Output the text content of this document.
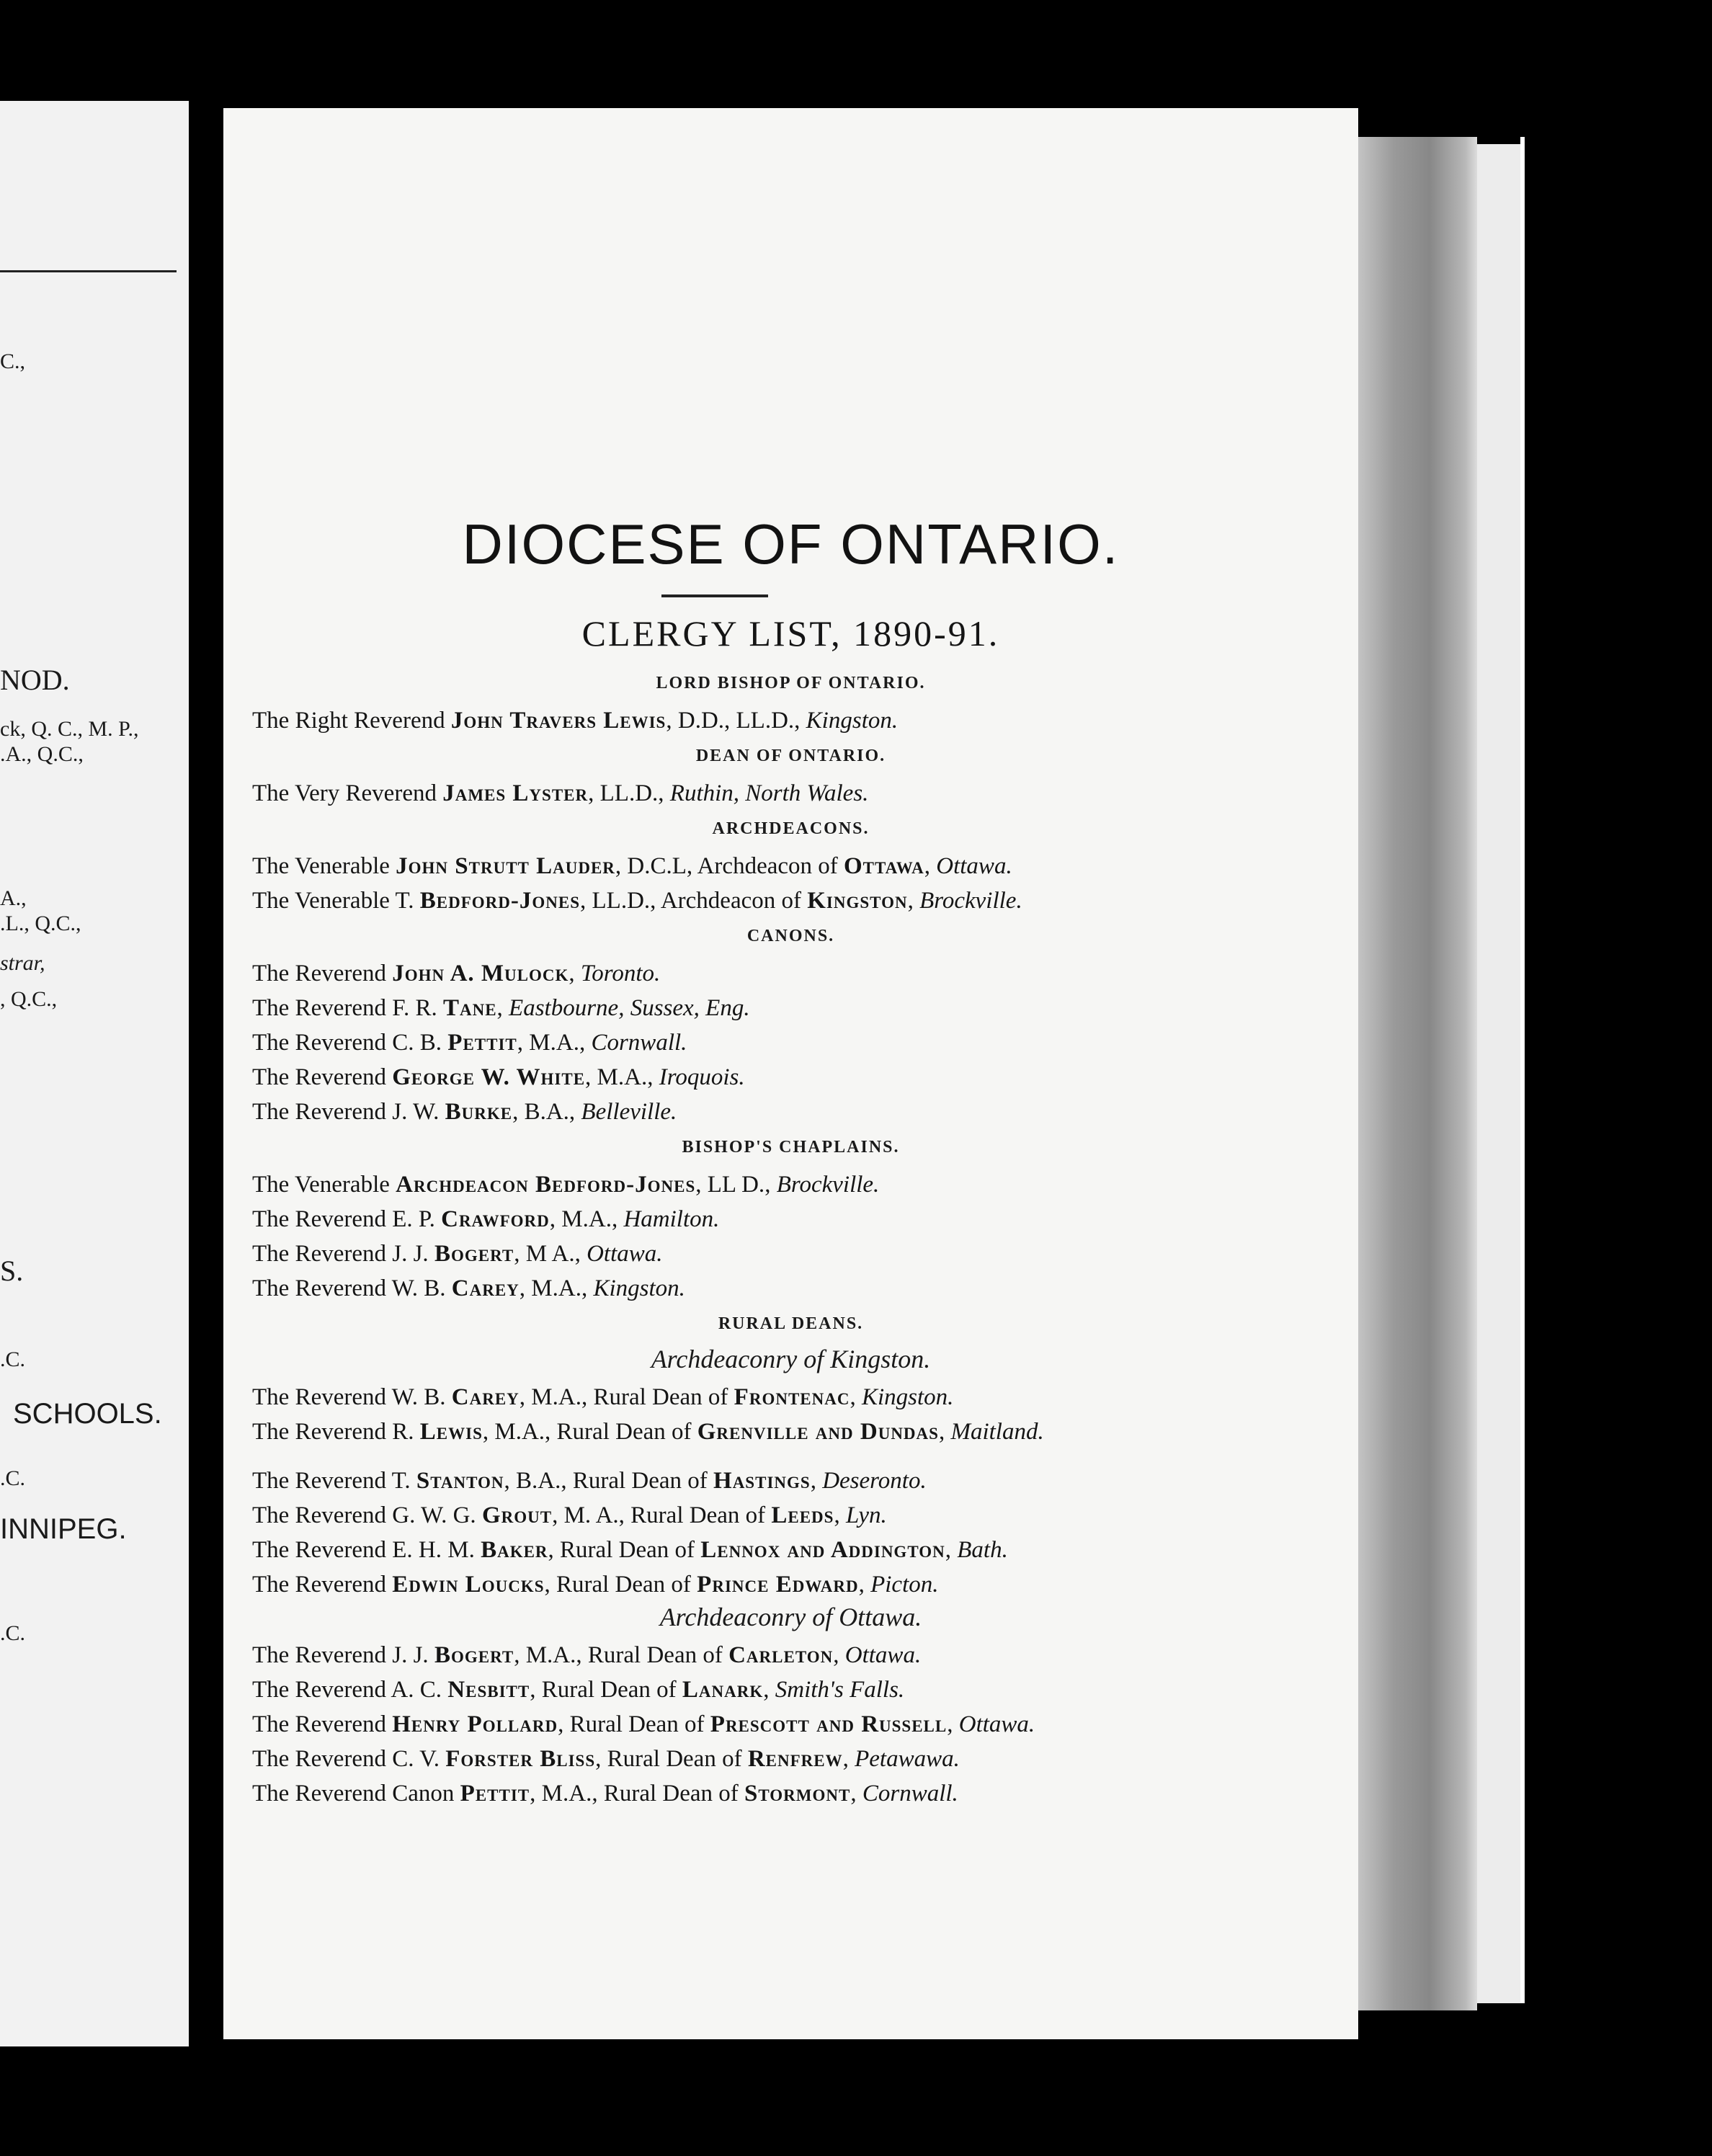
C.,
NOD.
ck, Q. C., M. P.,
.A., Q.C.,
A.,
.L., Q.C.,
strar,
, Q.C.,
S.
.C.
SCHOOLS.
.C.
INNIPEG.
.C.
DIOCESE OF ONTARIO.
CLERGY LIST, 1890-91.
LORD BISHOP OF ONTARIO.
The Right Reverend John Travers Lewis, D.D., LL.D., Kingston.
DEAN OF ONTARIO.
The Very Reverend James Lyster, LL.D., Ruthin, North Wales.
ARCHDEACONS.
The Venerable John Strutt Lauder, D.C.L, Archdeacon of Ottawa, Ottawa.
The Venerable T. Bedford-Jones, LL.D., Archdeacon of Kingston, Brockville.
CANONS.
The Reverend John A. Mulock, Toronto.
The Reverend F. R. Tane, Eastbourne, Sussex, Eng.
The Reverend C. B. Pettit, M.A., Cornwall.
The Reverend George W. White, M.A., Iroquois.
The Reverend J. W. Burke, B.A., Belleville.
BISHOP'S CHAPLAINS.
The Venerable Archdeacon Bedford-Jones, LL D., Brockville.
The Reverend E. P. Crawford, M.A., Hamilton.
The Reverend J. J. Bogert, M A., Ottawa.
The Reverend W. B. Carey, M.A., Kingston.
RURAL DEANS.
Archdeaconry of Kingston.
The Reverend W. B. Carey, M.A., Rural Dean of Frontenac, Kingston.
The Reverend R. Lewis, M.A., Rural Dean of Grenville and Dundas, Maitland.
The Reverend T. Stanton, B.A., Rural Dean of Hastings, Deseronto.
The Reverend G. W. G. Grout, M. A., Rural Dean of Leeds, Lyn.
The Reverend E. H. M. Baker, Rural Dean of Lennox and Addington, Bath.
The Reverend Edwin Loucks, Rural Dean of Prince Edward, Picton.
Archdeaconry of Ottawa.
The Reverend J. J. Bogert, M.A., Rural Dean of Carleton, Ottawa.
The Reverend A. C. Nesbitt, Rural Dean of Lanark, Smith's Falls.
The Reverend Henry Pollard, Rural Dean of Prescott and Russell, Ottawa.
The Reverend C. V. Forster Bliss, Rural Dean of Renfrew, Petawawa.
The Reverend Canon Pettit, M.A., Rural Dean of Stormont, Cornwall.
